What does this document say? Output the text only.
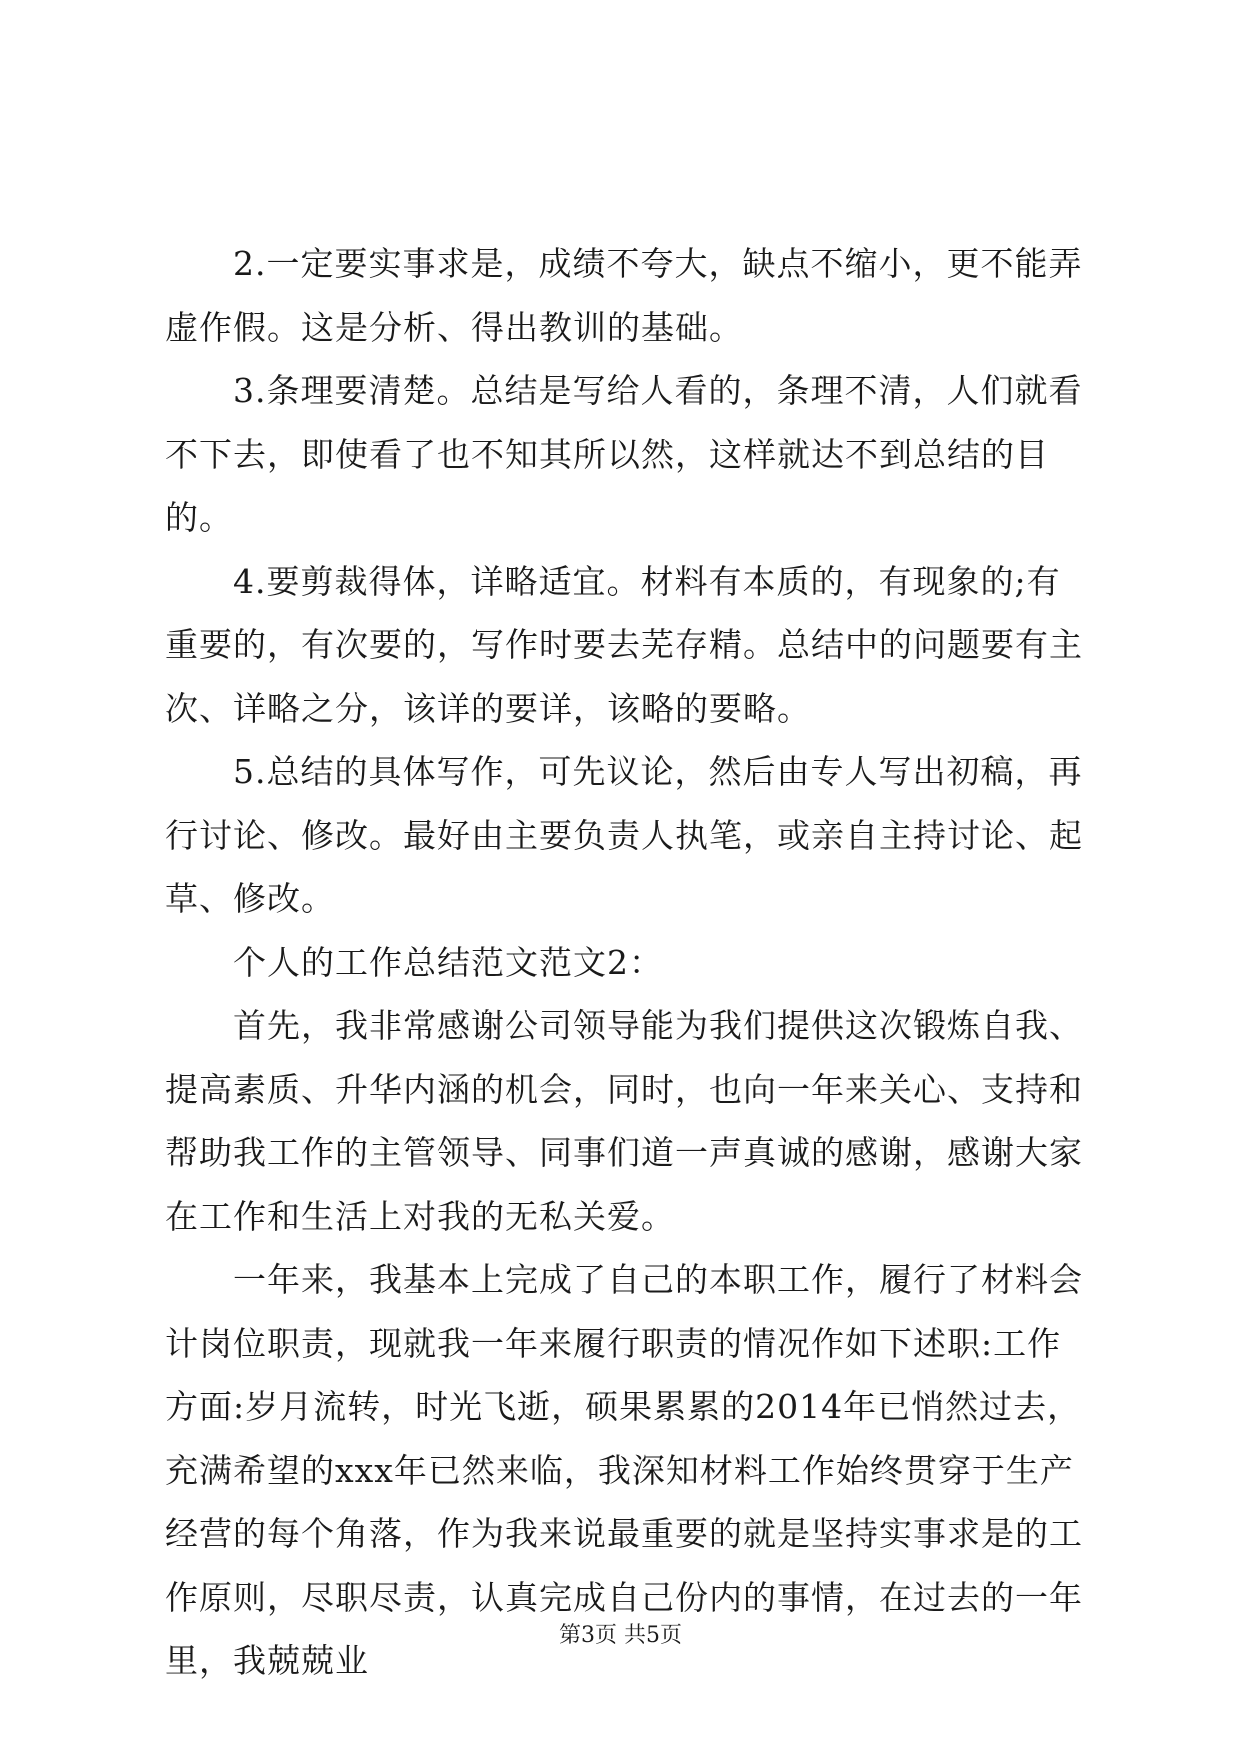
2.一定要实事求是，成绩不夸大，缺点不缩小，更不能弄虚作假。这是分析、得出教训的基础。

3.条理要清楚。总结是写给人看的，条理不清，人们就看不下去，即使看了也不知其所以然，这样就达不到总结的目的。

4.要剪裁得体，详略适宜。材料有本质的，有现象的;有重要的，有次要的，写作时要去芜存精。总结中的问题要有主次、详略之分，该详的要详，该略的要略。

5.总结的具体写作，可先议论，然后由专人写出初稿，再行讨论、修改。最好由主要负责人执笔，或亲自主持讨论、起草、修改。

个人的工作总结范文范文2：

首先，我非常感谢公司领导能为我们提供这次锻炼自我、提高素质、升华内涵的机会，同时，也向一年来关心、支持和帮助我工作的主管领导、同事们道一声真诚的感谢，感谢大家在工作和生活上对我的无私关爱。

一年来，我基本上完成了自己的本职工作，履行了材料会计岗位职责，现就我一年来履行职责的情况作如下述职:工作方面:岁月流转，时光飞逝，硕果累累的2014年已悄然过去，充满希望的xxx年已然来临，我深知材料工作始终贯穿于生产经营的每个角落，作为我来说最重要的就是坚持实事求是的工作原则，尽职尽责，认真完成自己份内的事情，在过去的一年里，我兢兢业

第3页 共5页
